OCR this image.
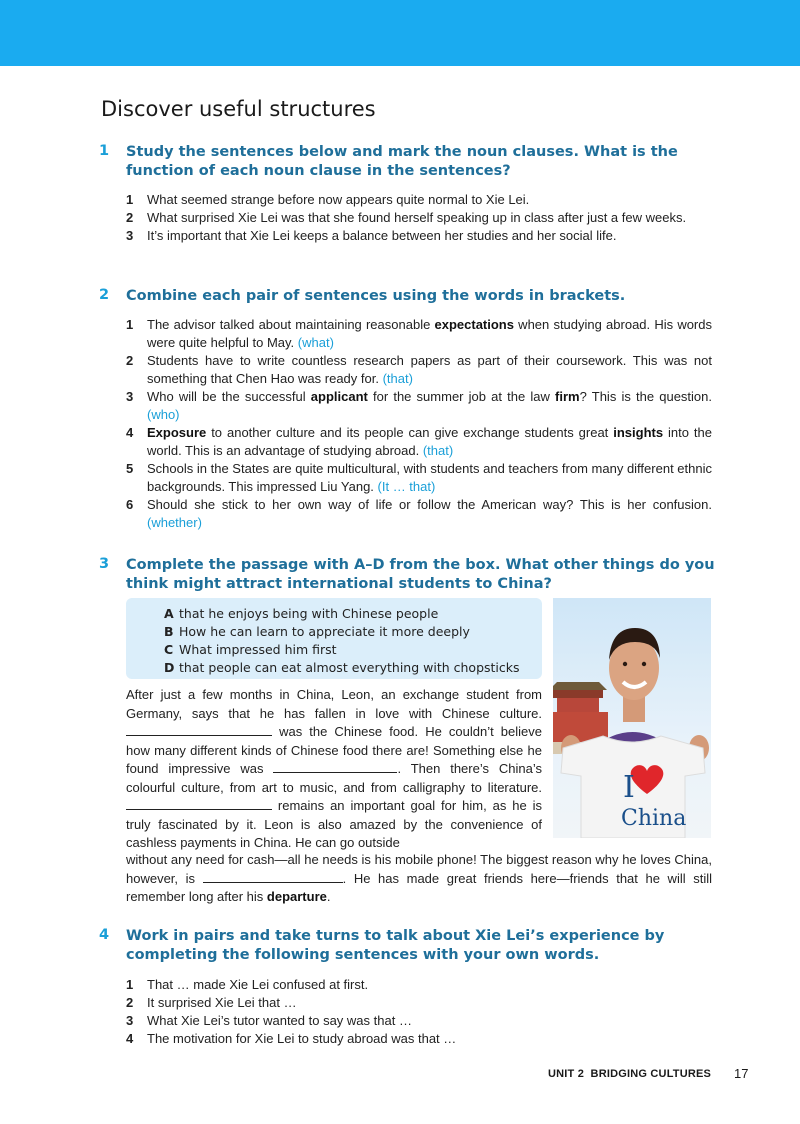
Discover useful structures
1 Study the sentences below and mark the noun clauses. What is the function of each noun clause in the sentences?
1	What seemed strange before now appears quite normal to Xie Lei.
2	What surprised Xie Lei was that she found herself speaking up in class after just a few weeks.
3	It’s important that Xie Lei keeps a balance between her studies and her social life.
2 Combine each pair of sentences using the words in brackets.
1	The advisor talked about maintaining reasonable expectations when studying abroad. His words were quite helpful to May. (what)
2	Students have to write countless research papers as part of their coursework. This was not something that Chen Hao was ready for. (that)
3	Who will be the successful applicant for the summer job at the law firm? This is the question. (who)
4	Exposure to another culture and its people can give exchange students great insights into the world. This is an advantage of studying abroad. (that)
5	Schools in the States are quite multicultural, with students and teachers from many different ethnic backgrounds. This impressed Liu Yang. (It … that)
6	Should she stick to her own way of life or follow the American way? This is her confusion. (whether)
3 Complete the passage with A–D from the box. What other things do you think might attract international students to China?
A that he enjoys being with Chinese people
B How he can learn to appreciate it more deeply
C What impressed him first
D that people can eat almost everything with chopsticks
After just a few months in China, Leon, an exchange student from Germany, says that he has fallen in love with Chinese culture.  was the Chinese food. He couldn’t believe how many different kinds of Chinese food there are! Something else he found impressive was	. Then there’s China’s colourful culture, from art to music, and from calligraphy to literature.  remains an important goal for him, as he is truly fascinated by it. Leon is also amazed by the convenience of cashless payments in China. He can go outside
without any need for cash—all he needs is his mobile phone! The biggest reason why he loves China, however, is	. He has made great friends here—friends that he will still remember long after his departure.
I
China
4 Work in pairs and take turns to talk about Xie Lei’s experience by completing the following sentences with your own words.
1	That … made Xie Lei confused at first.
2	It surprised Xie Lei that …
3	What Xie Lei’s tutor wanted to say was that …
4	The motivation for Xie Lei to study abroad was that …
UNIT 2  BRIDGING CULTURES 17
